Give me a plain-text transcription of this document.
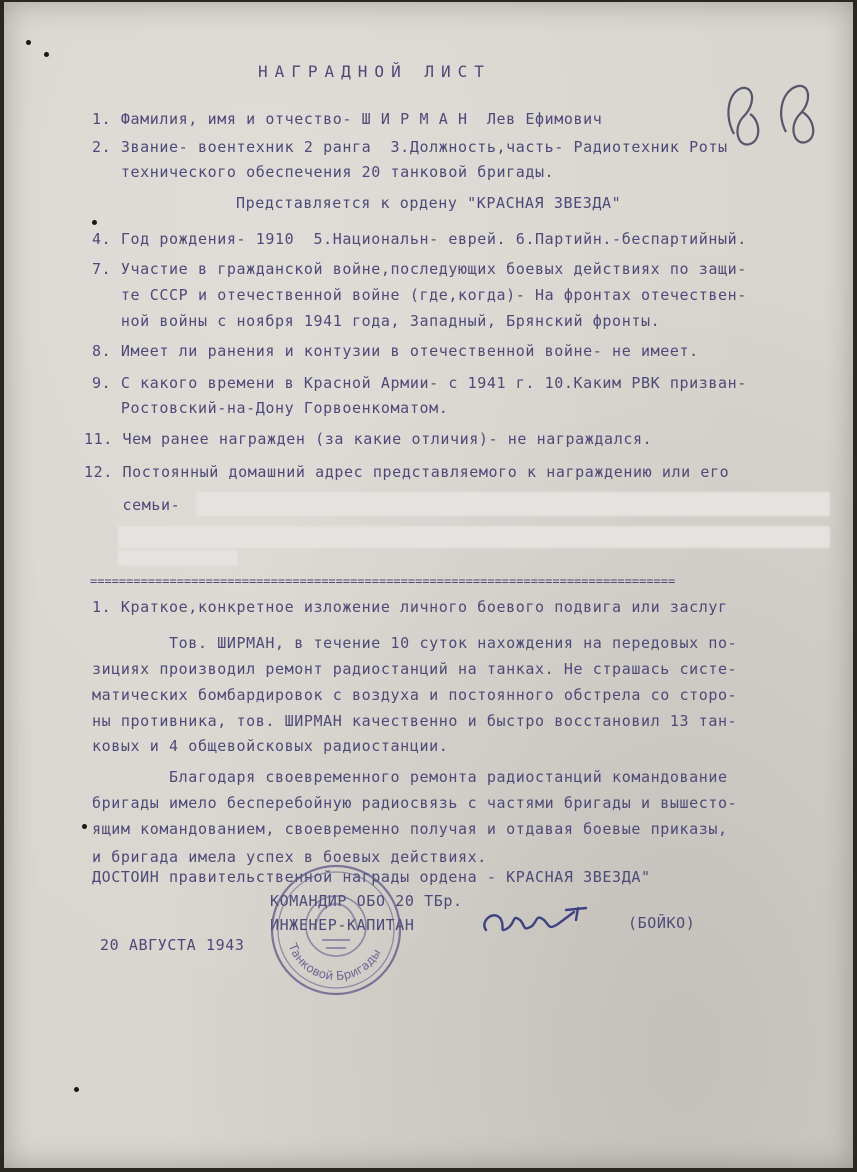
НАГРАДНОЙ ЛИСТ	88
1. Фамилия, имя и отчество- Ш И Р М А Н  Лев Ефимович
2. Звание- воентехник 2 ранга  3.Должность,часть- Радиотехник Роты
технического обеспечения 20 танковой бригады.
Представляется к ордену "КРАСНАЯ ЗВЕЗДА"
4. Год рождения- 1910  5.Национальн- еврей. 6.Партийн.-беспартийный.
7. Участие в гражданской войне,последующих боевых действиях по защи-
те СССР и отечественной войне (где,когда)- На фронтах отечествен-
ной войны с ноября 1941 года, Западный, Брянский фронты.
8. Имеет ли ранения и контузии в отечественной войне- не имеет.
9. С какого времени в Красной Армии- с 1941 г. 10.Каким РВК призван-
Ростовский-на-Дону Горвоенкоматом.
11. Чем ранее награжден (за какие отличия)- не награждался.
12. Постоянный домашний адрес представляемого к награждению или его
семьи-
=================================================================================
1. Краткое,конкретное изложение личного боевого подвига или заслуг
Тов. ШИРМАН, в течение 10 суток нахождения на передовых по-
зициях производил ремонт радиостанций на танках. Не страшась систе-
матических бомбардировок с воздуха и постоянного обстрела со сторо-
ны противника, тов. ШИРМАН качественно и быстро восстановил 13 тан-
ковых и 4 общевойсковых радиостанции.
Благодаря своевременного ремонта радиостанций командование
бригады имело бесперебойную радиосвязь с частями бригады и вышесто-
ящим командованием, своевременно получая и отдавая боевые приказы,
и бригада имела успех в боевых действиях.
ДОСТОИН правительственной награды ордена - КРАСНАЯ ЗВЕЗДА"
КОМАНДИР ОБО 20 ТБр.
ИНЖЕНЕР-КАПИТАН	(БОЙКО)
20 АВГУСТА 1943	Танковой Бригады
